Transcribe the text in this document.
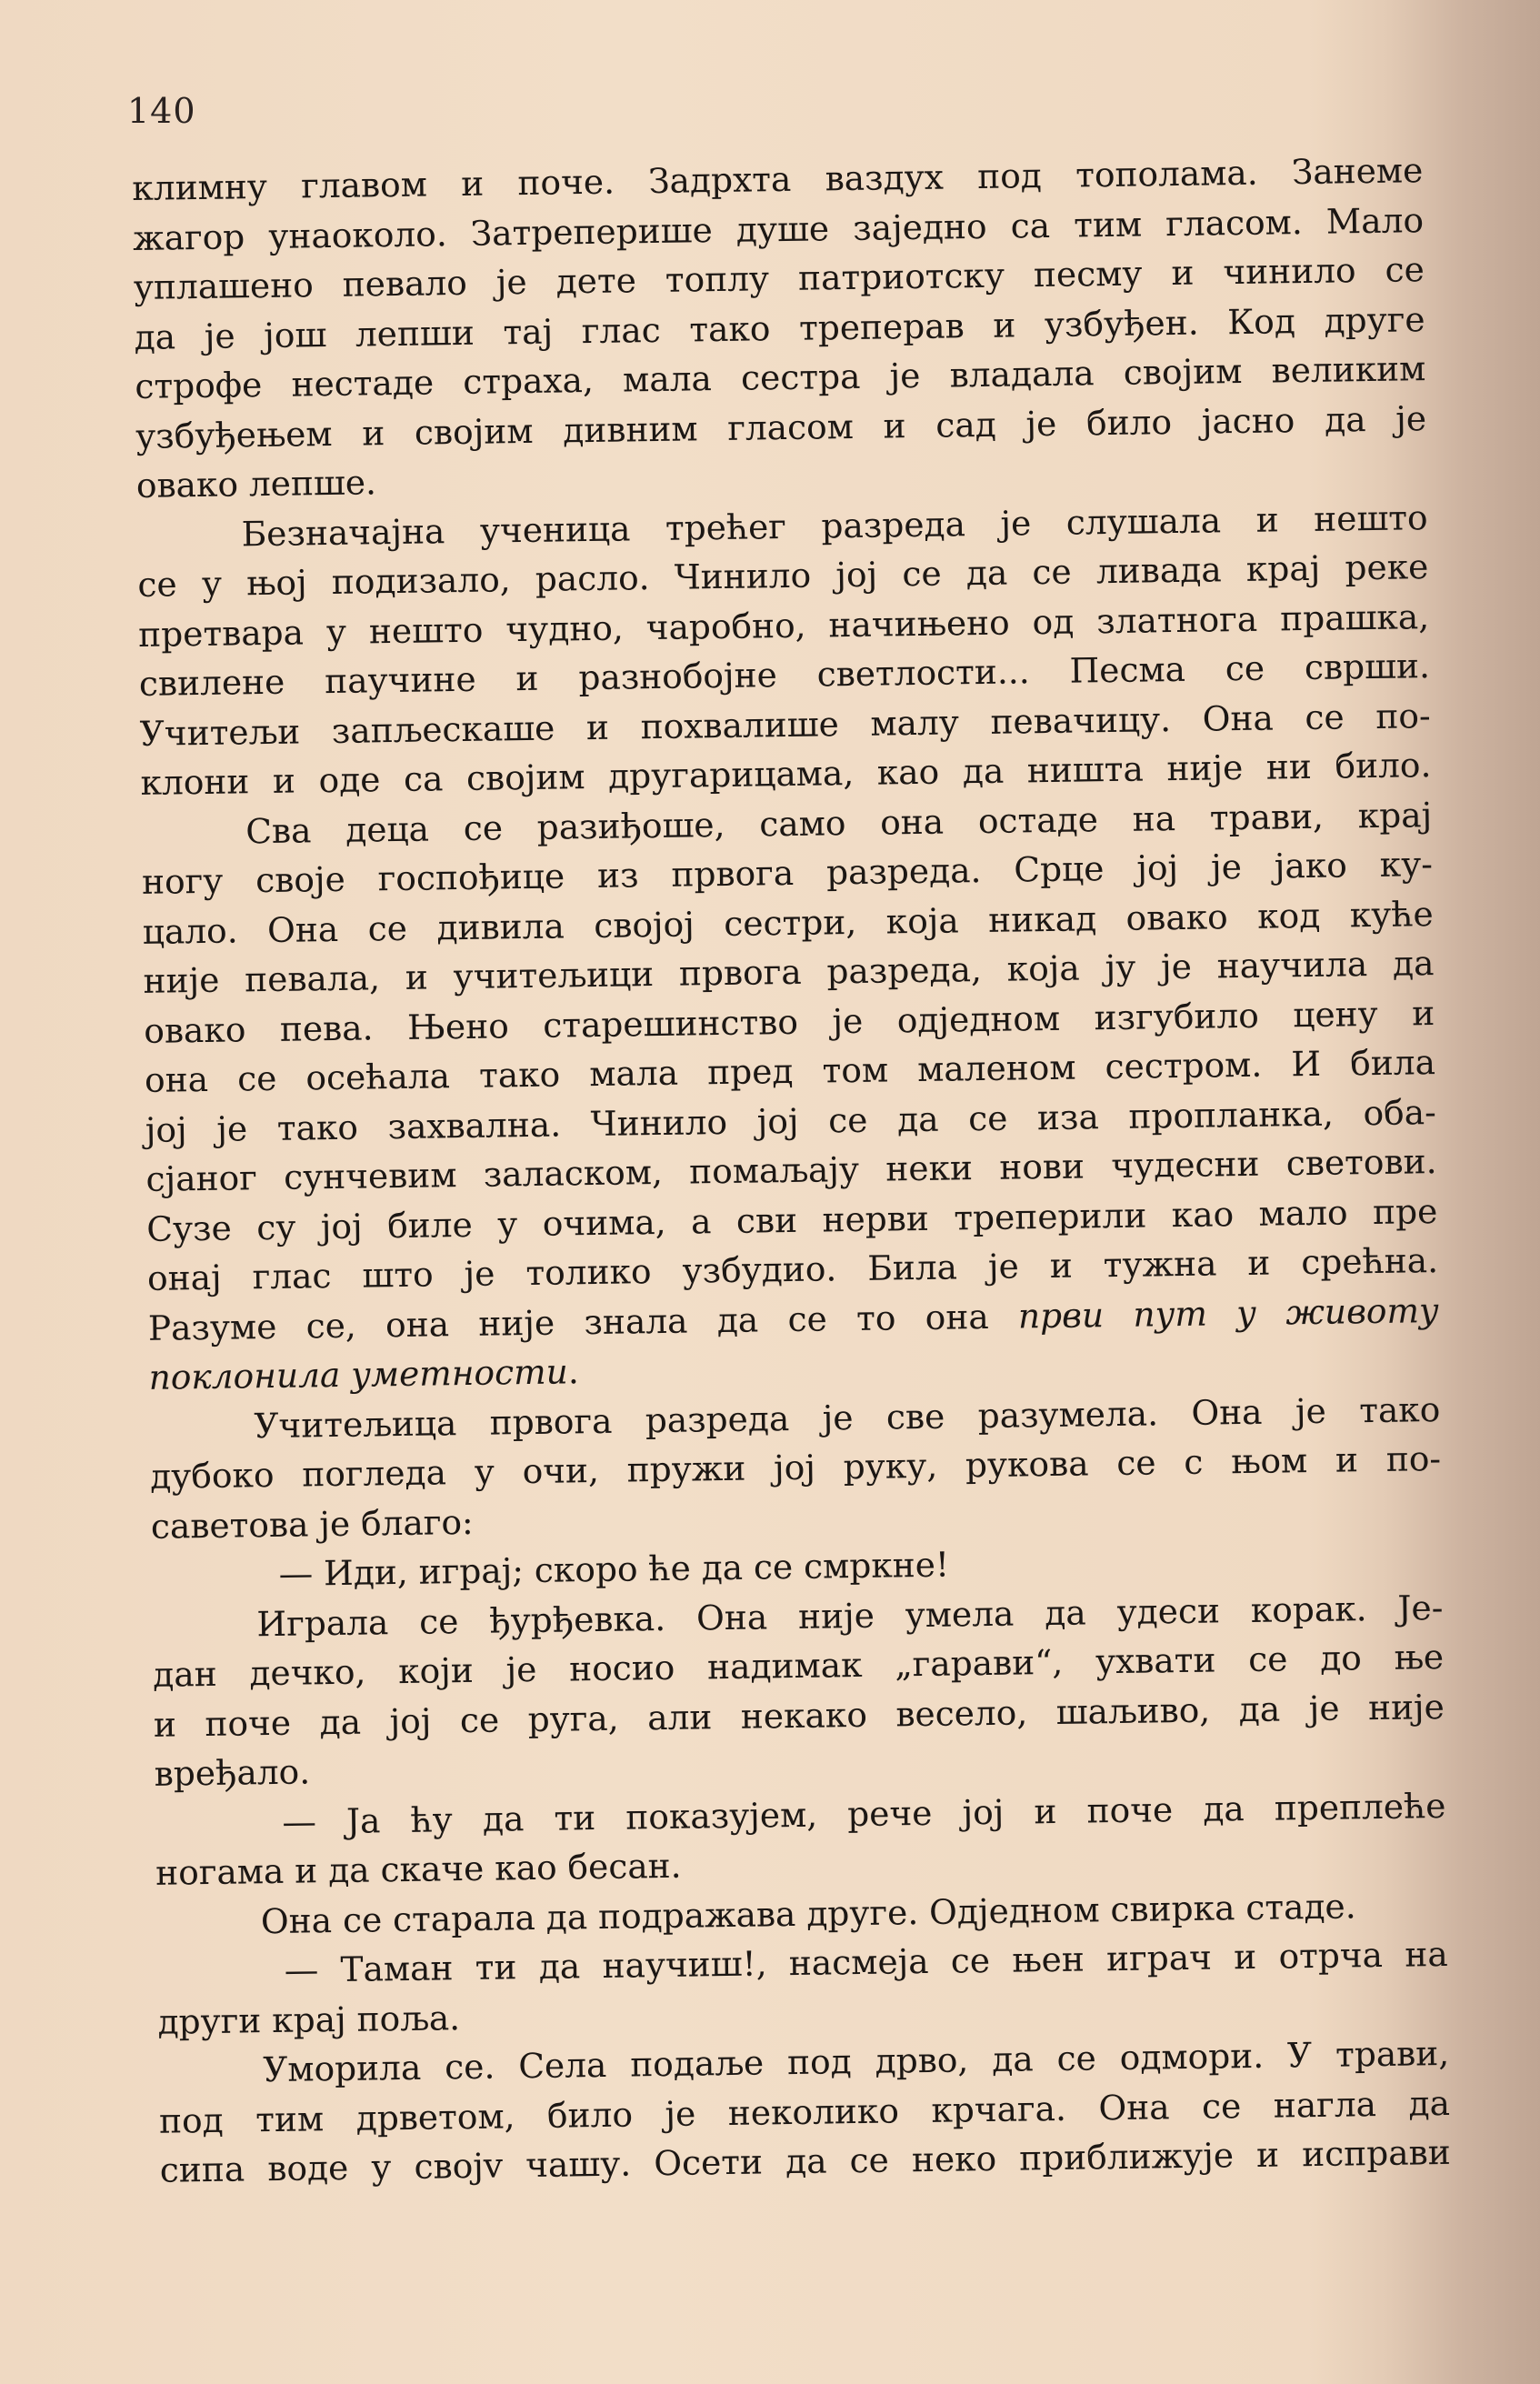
140
климну главом и поче. Задрхта ваздух под тополама. Занеме
жагор унаоколо. Затреперише душе заједно са тим гласом. Мало
уплашено певало је дете топлу патриотску песму и чинило се
да је још лепши тај глас тако треперав и узбуђен. Код друге
строфе нестаде страха, мала сестра је владала својим великим
узбуђењем и својим дивним гласом и сад је било јасно да је
овако лепше.
Безначајна ученица трећег разреда је слушала и нешто
се у њој подизало, расло. Чинило јој се да се ливада крај реке
претвара у нешто чудно, чаробно, начињено од златнога прашка,
свилене паучине и разнобојне светлости... Песма се сврши.
Учитељи запљескаше и похвалише малу певачицу. Она се по-
клони и оде са својим другарицама, као да ништа није ни било.
Сва деца се разиђоше, само она остаде на трави, крај
ногу своје госпођице из првога разреда. Срце јој је јако ку-
цало. Она се дивила својој сестри, која никад овако код куће
није певала, и учитељици првога разреда, која ју је научила да
овако пева. Њено старешинство је одједном изгубило цену и
она се осећала тако мала пред том маленом сестром. И била
јој је тако захвална. Чинило јој се да се иза пропланка, оба-
сјаног сунчевим заласком, помаљају неки нови чудесни светови.
Сузе су јој биле у очима, а сви нерви треперили као мало пре
онај глас што је толико узбудио. Била је и тужна и срећна.
Разуме се, она није знала да се то она први пут у животу
поклонила уметности.
Учитељица првога разреда је све разумела. Она је тако
дубоко погледа у очи, пружи јој руку, рукова се с њом и по-
саветова је благо:
— Иди, играј; скоро ће да се смркне!
Играла се ђурђевка. Она није умела да удеси корак. Је-
дан дечко, који је носио надимак „гарави“, ухвати се до ње
и поче да јој се руга, али некако весело, шаљиво, да је није
вређало.
— Ја ћу да ти показујем, рече јој и поче да преплеће
ногама и да скаче као бесан.
Она се старала да подражава друге. Одједном свирка стаде.
— Таман ти да научиш!, насмеја се њен играч и отрча на
други крај поља.
Уморила се. Села подаље под дрво, да се одмори. У трави,
под тим дрветом, било је неколико крчага. Она се нагла да
сипа воде у својv чашу. Осети да се неко приближује и исправи
